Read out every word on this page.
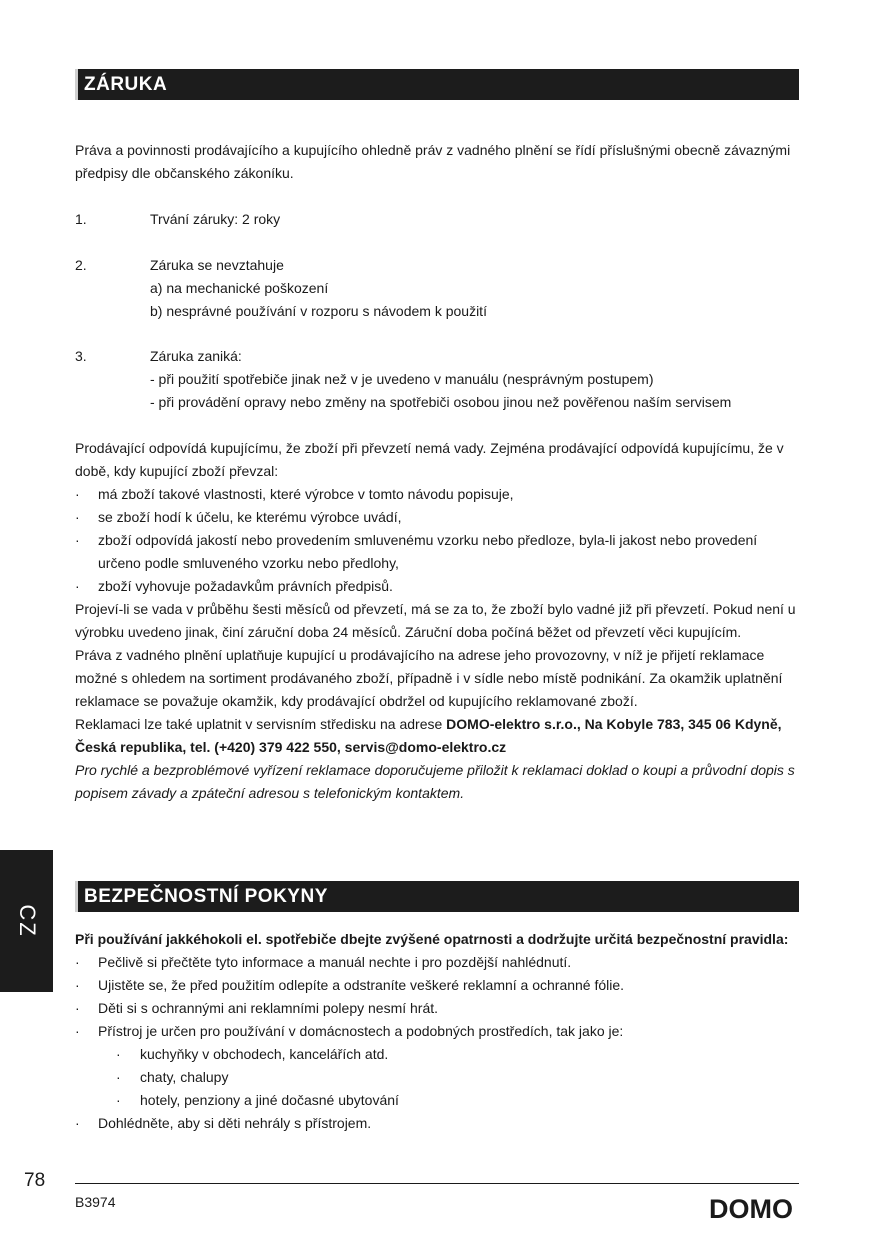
ZÁRUKA
Práva a povinnosti prodávajícího a kupujícího ohledně práv z vadného plnění se řídí příslušnými obecně závaznými předpisy dle občanského zákoníku.
1.	Trvání záruky: 2 roky
2.	Záruka se nevztahuje
a) na mechanické poškození
b) nesprávné používání v rozporu s návodem k použití
3.	Záruka zaniká:
- při použití spotřebiče jinak než v je uvedeno v manuálu (nesprávným postupem)
- při provádění opravy nebo změny na spotřebiči osobou jinou než pověřenou naším servisem
Prodávající odpovídá kupujícímu, že zboží při převzetí nemá vady. Zejména prodávající odpovídá kupujícímu, že v době, kdy kupující zboží převzal:
· má zboží takové vlastnosti, které výrobce v tomto návodu popisuje,
· se zboží hodí k účelu, ke kterému výrobce uvádí,
· zboží odpovídá jakostí nebo provedením smluvenému vzorku nebo předloze, byla-li jakost nebo provedení určeno podle smluveného vzorku nebo předlohy,
· zboží vyhovuje požadavkům právních předpisů.
Projeví-li se vada v průběhu šesti měsíců od převzetí, má se za to, že zboží bylo vadné již při převzetí. Pokud není u výrobku uvedeno jinak, činí záruční doba 24 měsíců. Záruční doba počíná běžet od převzetí věci kupujícím.
Práva z vadného plnění uplatňuje kupující u prodávajícího na adrese jeho provozovny, v níž je přijetí reklamace možné s ohledem na sortiment prodávaného zboží, případně i v sídle nebo místě podnikání. Za okamžik uplatnění reklamace se považuje okamžik, kdy prodávající obdržel od kupujícího reklamované zboží.
Reklamaci lze také uplatnit v servisním středisku na adrese DOMO-elektro s.r.o., Na Kobyle 783, 345 06 Kdyně, Česká republika, tel. (+420) 379 422 550, servis@domo-elektro.cz
Pro rychlé a bezproblémové vyřízení reklamace doporučujeme přiložit k reklamaci doklad o koupi a průvodní dopis s popisem závady a zpáteční adresou s telefonickým kontaktem.
BEZPEČNOSTNÍ POKYNY
Při používání jakkéhokoli el. spotřebiče dbejte zvýšené opatrnosti a dodržujte určitá bezpečnostní pravidla:
· Pečlivě si přečtěte tyto informace a manuál nechte i pro pozdější nahlédnutí.
· Ujistěte se, že před použitím odlepíte a odstraníte veškeré reklamní a ochranné fólie.
· Děti si s ochrannými ani reklamními polepy nesmí hrát.
· Přístroj je určen pro používání v domácnostech a podobných prostředích, tak jako je:
· kuchyňky v obchodech, kancelářích atd.
· chaty, chalupy
· hotely, penziony a jiné dočasné ubytování
· Dohlédněte, aby si děti nehrály s přístrojem.
CZ
78
B3974	DOMO
